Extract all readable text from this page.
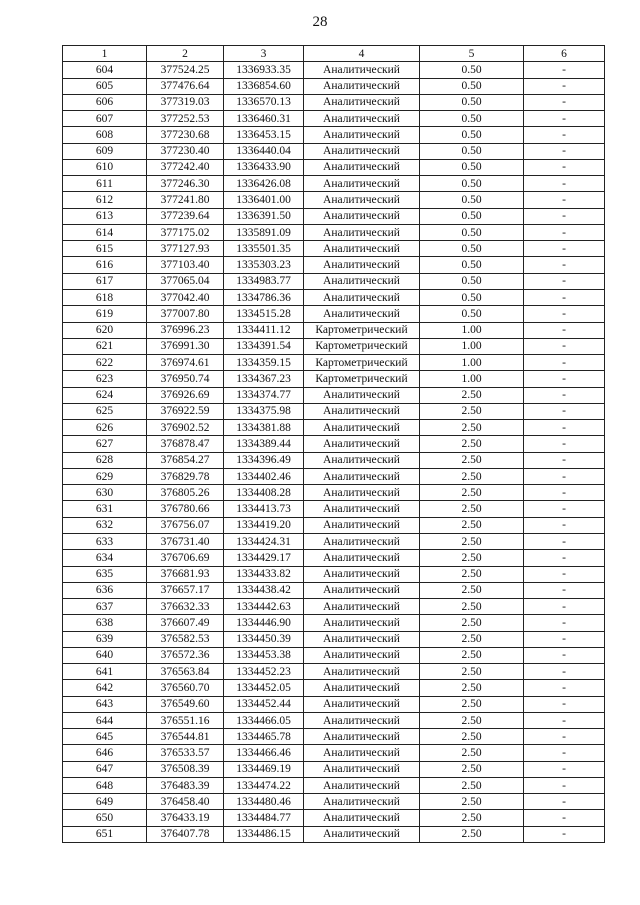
28
1	2	3	4	5	6
604	377524.25	1336933.35	Аналитический	0.50	-
605	377476.64	1336854.60	Аналитический	0.50	-
606	377319.03	1336570.13	Аналитический	0.50	-
607	377252.53	1336460.31	Аналитический	0.50	-
608	377230.68	1336453.15	Аналитический	0.50	-
609	377230.40	1336440.04	Аналитический	0.50	-
610	377242.40	1336433.90	Аналитический	0.50	-
611	377246.30	1336426.08	Аналитический	0.50	-
612	377241.80	1336401.00	Аналитический	0.50	-
613	377239.64	1336391.50	Аналитический	0.50	-
614	377175.02	1335891.09	Аналитический	0.50	-
615	377127.93	1335501.35	Аналитический	0.50	-
616	377103.40	1335303.23	Аналитический	0.50	-
617	377065.04	1334983.77	Аналитический	0.50	-
618	377042.40	1334786.36	Аналитический	0.50	-
619	377007.80	1334515.28	Аналитический	0.50	-
620	376996.23	1334411.12	Картометрический	1.00	-
621	376991.30	1334391.54	Картометрический	1.00	-
622	376974.61	1334359.15	Картометрический	1.00	-
623	376950.74	1334367.23	Картометрический	1.00	-
624	376926.69	1334374.77	Аналитический	2.50	-
625	376922.59	1334375.98	Аналитический	2.50	-
626	376902.52	1334381.88	Аналитический	2.50	-
627	376878.47	1334389.44	Аналитический	2.50	-
628	376854.27	1334396.49	Аналитический	2.50	-
629	376829.78	1334402.46	Аналитический	2.50	-
630	376805.26	1334408.28	Аналитический	2.50	-
631	376780.66	1334413.73	Аналитический	2.50	-
632	376756.07	1334419.20	Аналитический	2.50	-
633	376731.40	1334424.31	Аналитический	2.50	-
634	376706.69	1334429.17	Аналитический	2.50	-
635	376681.93	1334433.82	Аналитический	2.50	-
636	376657.17	1334438.42	Аналитический	2.50	-
637	376632.33	1334442.63	Аналитический	2.50	-
638	376607.49	1334446.90	Аналитический	2.50	-
639	376582.53	1334450.39	Аналитический	2.50	-
640	376572.36	1334453.38	Аналитический	2.50	-
641	376563.84	1334452.23	Аналитический	2.50	-
642	376560.70	1334452.05	Аналитический	2.50	-
643	376549.60	1334452.44	Аналитический	2.50	-
644	376551.16	1334466.05	Аналитический	2.50	-
645	376544.81	1334465.78	Аналитический	2.50	-
646	376533.57	1334466.46	Аналитический	2.50	-
647	376508.39	1334469.19	Аналитический	2.50	-
648	376483.39	1334474.22	Аналитический	2.50	-
649	376458.40	1334480.46	Аналитический	2.50	-
650	376433.19	1334484.77	Аналитический	2.50	-
651	376407.78	1334486.15	Аналитический	2.50	-
